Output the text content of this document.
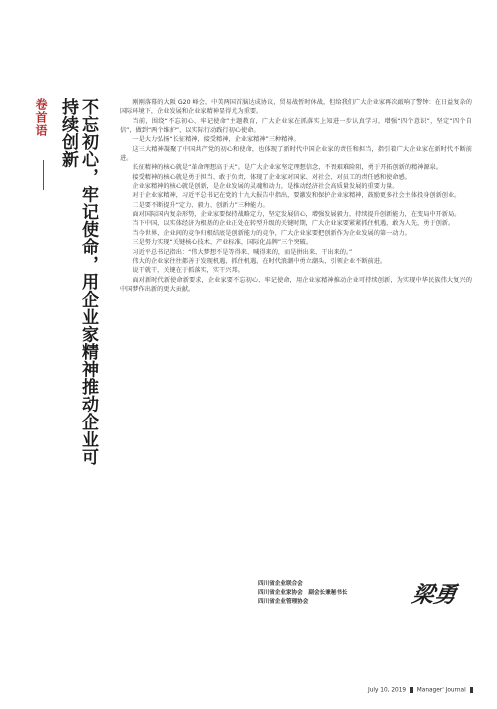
卷首语	不忘初心，牢记使命，用企业家精神推动企业可持续创新	刚刚落幕的大阪 G20 峰会，中美两国首脑达成协议，贸易战暂时休战，但给我们广大企业家再次敲响了警钟：在日益复杂的国际环境下，企业发展和企业家精神显得尤为重要。

当前，围绕“不忘初心、牢记使命”主题教育，广大企业家在抓落实上知进一步认真学习，增强“四个意识”，坚定“四个自信”，做到“两个维护”，以实际行动践行初心使命。

一是大力弘扬“长征精神，接受精神，企业家精神”三种精神。

这三大精神凝聚了中国共产党的初心和使命，也体现了新时代中国企业家的责任和担当，指引着广大企业家在新时代不断前进。

长征精神的核心就是“革命理想高于天”。是广大企业家坚定理想信念，不畏艰难险阻，勇于开拓创新的精神源泉。

接受精神的核心就是勇于担当、敢于负责，体现了企业家对国家、对社会、对员工的责任感和使命感。

企业家精神的核心就是创新，是企业发展的灵魂和动力，是推动经济社会高质量发展的重要力量。

对于企业家精神，习近平总书记在党的十九大报告中指出，要激发和保护企业家精神，鼓励更多社会主体投身创新创业。

二是要不断提升“定力、毅力、创新力”三种能力。

面对国际国内复杂形势，企业家要保持战略定力，坚定发展信心，增强发展毅力，持续提升创新能力，在变局中开新局。

当下中国，以实体经济为根基的企业正处在转型升级的关键时期，广大企业家要紧紧抓住机遇，敢为人先，勇于创新。

当今世界，企业间的竞争归根结底是创新能力的竞争，广大企业家要把创新作为企业发展的第一动力。

三是努力实现“关键核心技术、产业标准、国际化品牌”三个突破。

习近平总书记指出：“伟大梦想不是等得来、喊得来的，而是拼出来、干出来的。”

伟大的企业家往往都善于发现机遇，抓住机遇，在时代浪潮中勇立潮头，引领企业不断前进。

说干就干，关键在于抓落实，实干兴邦。

面对新时代新使命新要求，企业家要不忘初心、牢记使命，用企业家精神推动企业可持续创新，为实现中华民族伟大复兴的中国梦作出新的更大贡献。

四川省企业联合会
四川省企业家协会　副会长兼秘书长
四川省企业管理协会	梁勇
July 10, 2019 Manager' Journal
